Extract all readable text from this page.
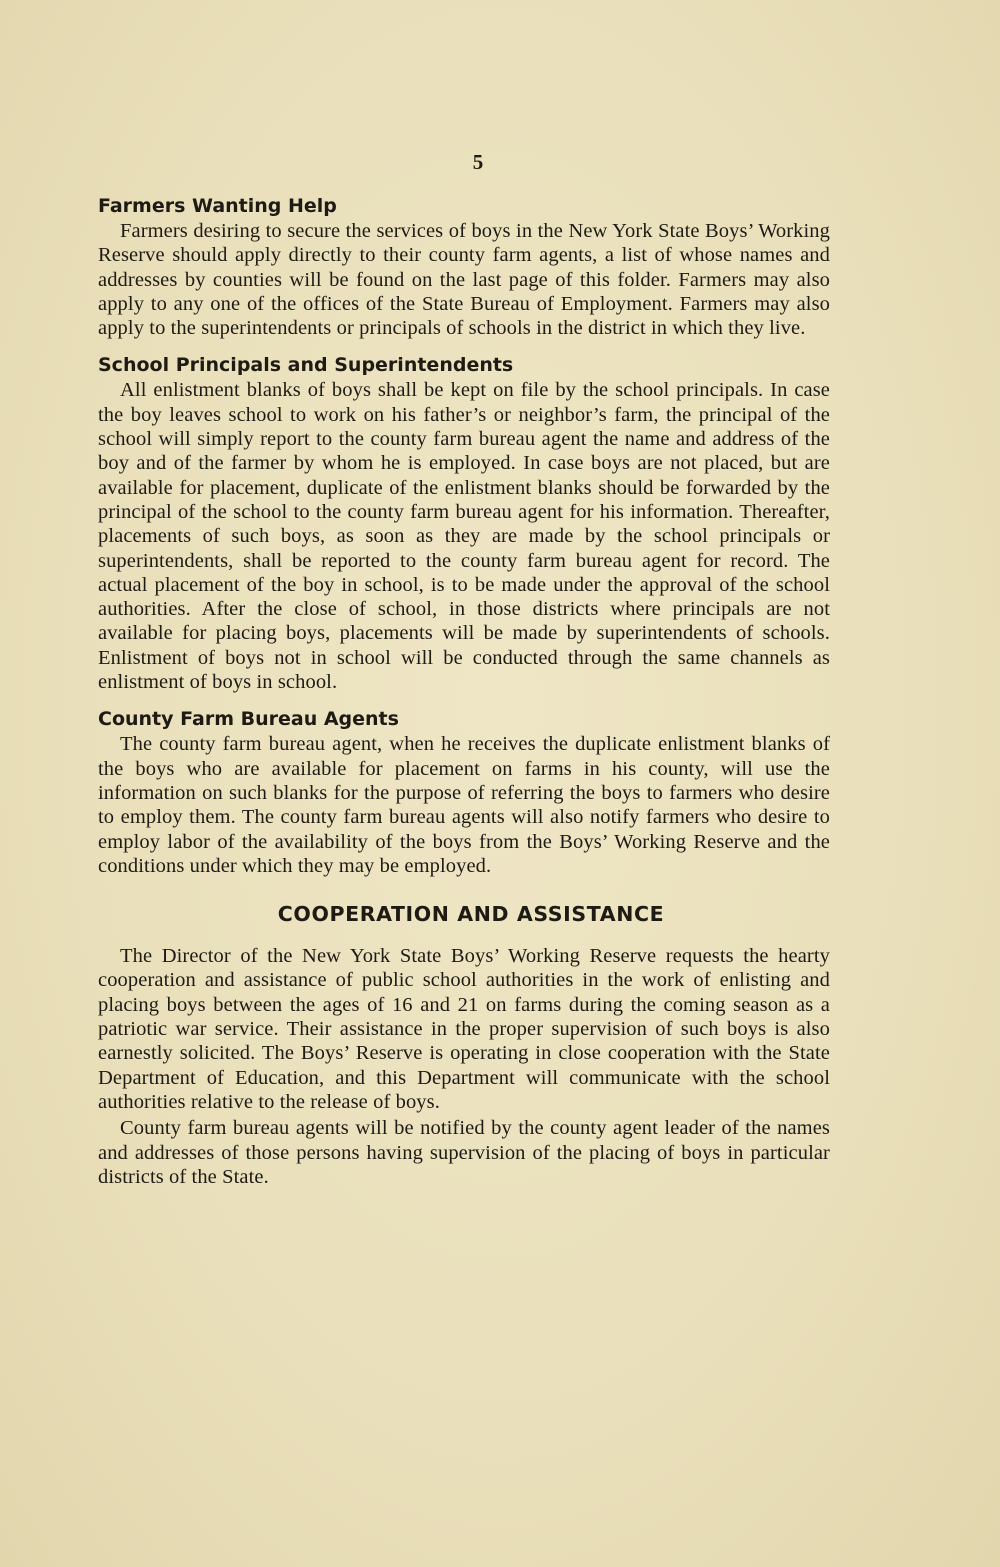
5
Farmers Wanting Help

Farmers desiring to secure the services of boys in the New York State Boys’ Working Reserve should apply directly to their county farm agents, a list of whose names and addresses by counties will be found on the last page of this folder. Farmers may also apply to any one of the offices of the State Bureau of Employment. Farmers may also apply to the superintendents or principals of schools in the district in which they live.

School Principals and Superintendents

All enlistment blanks of boys shall be kept on file by the school principals. In case the boy leaves school to work on his father’s or neighbor’s farm, the principal of the school will simply report to the county farm bureau agent the name and address of the boy and of the farmer by whom he is employed. In case boys are not placed, but are available for placement, duplicate of the enlistment blanks should be forwarded by the principal of the school to the county farm bureau agent for his information. Thereafter, placements of such boys, as soon as they are made by the school principals or superintendents, shall be reported to the county farm bureau agent for record. The actual placement of the boy in school, is to be made under the approval of the school authorities. After the close of school, in those districts where principals are not available for placing boys, placements will be made by superintendents of schools. Enlistment of boys not in school will be conducted through the same channels as enlistment of boys in school.

County Farm Bureau Agents

The county farm bureau agent, when he receives the duplicate enlistment blanks of the boys who are available for placement on farms in his county, will use the information on such blanks for the purpose of referring the boys to farmers who desire to employ them. The county farm bureau agents will also notify farmers who desire to employ labor of the availability of the boys from the Boys’ Working Reserve and the conditions under which they may be employed.

COOPERATION AND ASSISTANCE

The Director of the New York State Boys’ Working Reserve requests the hearty cooperation and assistance of public school authorities in the work of enlisting and placing boys between the ages of 16 and 21 on farms during the coming season as a patriotic war service. Their assistance in the proper supervision of such boys is also earnestly solicited. The Boys’ Reserve is operating in close cooperation with the State Department of Education, and this Department will communicate with the school authorities relative to the release of boys.

County farm bureau agents will be notified by the county agent leader of the names and addresses of those persons having supervision of the placing of boys in particular districts of the State.
